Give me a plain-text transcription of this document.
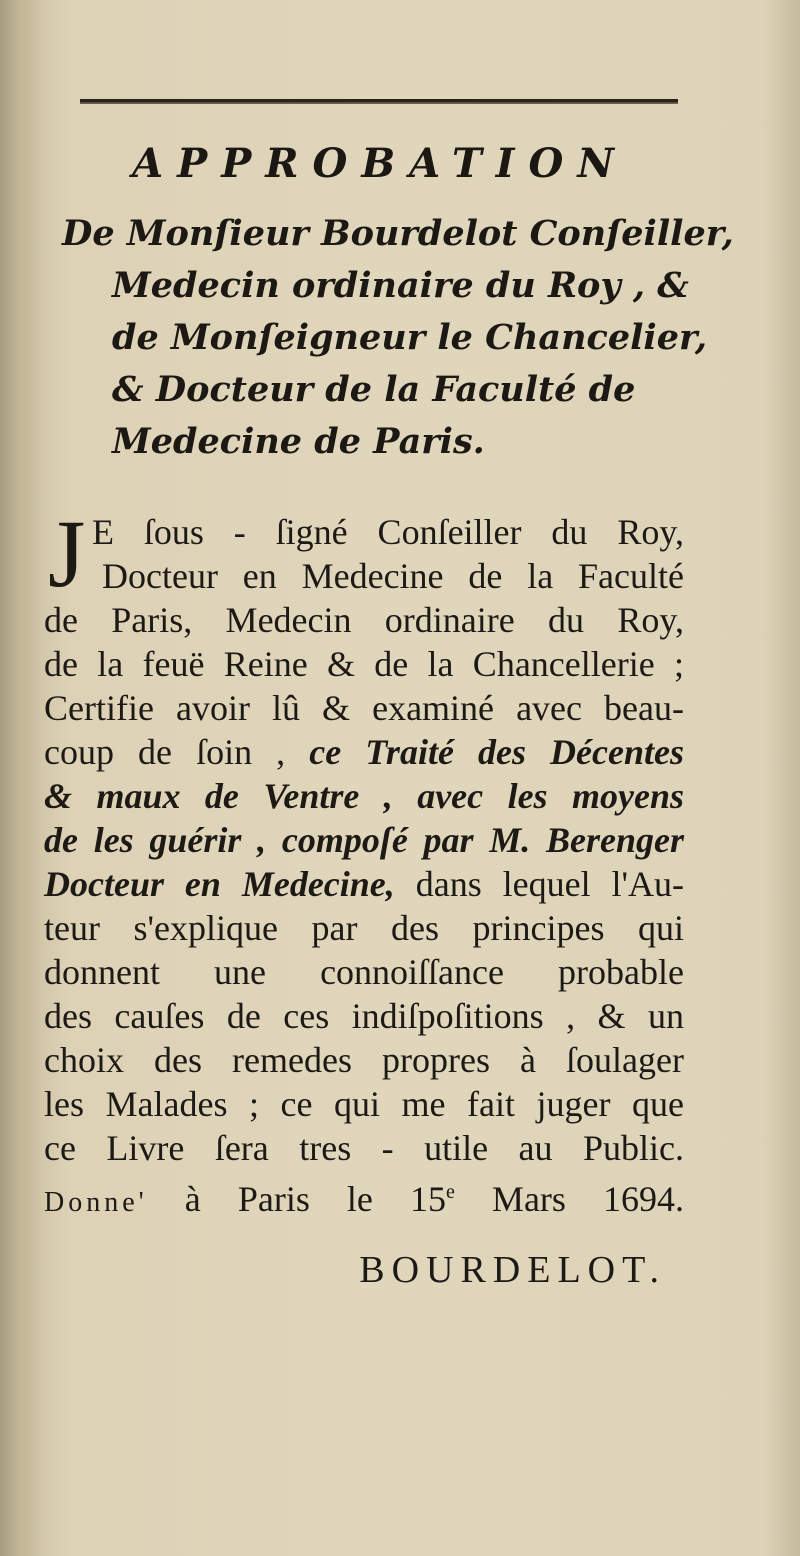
APPROBATION
De Monſieur Bourdelot Conſeiller,
Medecin ordinaire du Roy , &
de Monſeigneur le Chancelier,
& Docteur de la Faculté de
Medecine de Paris.
J E ſous - ſigné Conſeiller du Roy,
Docteur en Medecine de la Faculté
de Paris, Medecin ordinaire du Roy,
de la feuë Reine & de la Chancellerie ;
Certifie avoir lû & examiné avec beau-
coup de ſoin , ce Traité des Décentes
& maux de Ventre , avec les moyens
de les guérir , compoſé par M. Berenger
Docteur en Medecine, dans lequel l'Au-
teur s'explique par des principes qui
donnent une connoiſſance probable
des cauſes de ces indiſpoſitions , & un
choix des remedes propres à ſoulager
les Malades ; ce qui me fait juger que
ce Livre ſera tres - utile au Public.
Donne' à Paris le 15e Mars 1694.
BOURDELOT.
